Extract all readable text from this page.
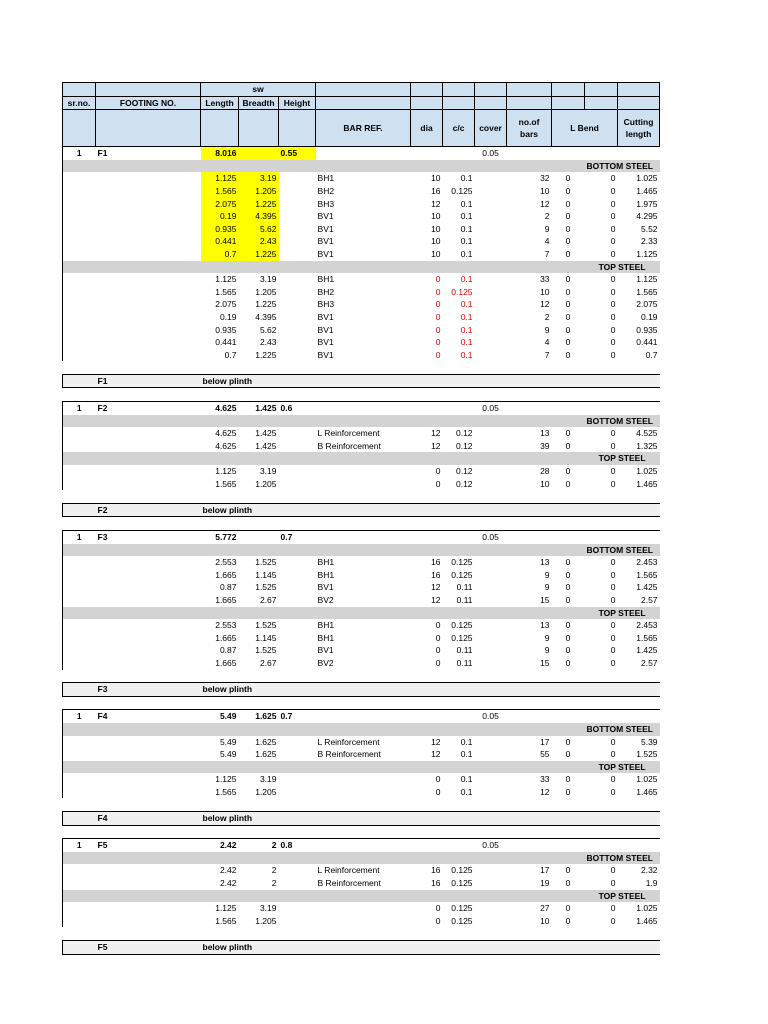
		sw										
sr.no.	FOOTING NO.	Length	Breadth	Height								
					BAR REF.	dia	c/c	cover	no.of bars	L Bend		Cutting length
1	F1	8.016		0.55				0.05				
											BOTTOM STEEL	
		1.125	3.19		BH1	10	0.1		32	0	0	1.025
		1.565	1.205		BH2	16	0.125		10	0	0	1.465
		2.075	1.225		BH3	12	0.1		12	0	0	1.975
		0.19	4.395		BV1	10	0.1		2	0	0	4.295
		0.935	5.62		BV1	10	0.1		9	0	0	5.52
		0.441	2.43		BV1	10	0.1		4	0	0	2.33
		0.7	1.225		BV1	10	0.1		7	0	0	1.125
											TOP STEEL	
		1.125	3.19		BH1	0	0.1		33	0	0	1.125
		1.565	1.205		BH2	0	0.125		10	0	0	1.565
		2.075	1.225		BH3	0	0.1		12	0	0	2.075
		0.19	4.395		BV1	0	0.1		2	0	0	0.19
		0.935	5.62		BV1	0	0.1		9	0	0	0.935
		0.441	2.43		BV1	0	0.1		4	0	0	0.441
		0.7	1.225		BV1	0	0.1		7	0	0	0.7

	F1	below plinth										

1	F2	4.625	1.425	0.6				0.05				
											BOTTOM STEEL	
		4.625	1.425		L Reinforcement	12	0.12		13	0	0	4.525
		4.625	1.425		B Reinforcement	12	0.12		39	0	0	1.325
											TOP STEEL	
		1.125	3.19			0	0.12		28	0	0	1.025
		1.565	1.205			0	0.12		10	0	0	1.465

	F2	below plinth										

1	F3	5.772		0.7				0.05				
											BOTTOM STEEL	
		2.553	1.525		BH1	16	0.125		13	0	0	2.453
		1.665	1.145		BH1	16	0.125		9	0	0	1.565
		0.87	1.525		BV1	12	0.11		9	0	0	1.425
		1.665	2.67		BV2	12	0.11		15	0	0	2.57
											TOP STEEL	
		2.553	1.525		BH1	0	0.125		13	0	0	2.453
		1.665	1.145		BH1	0	0.125		9	0	0	1.565
		0.87	1.525		BV1	0	0.11		9	0	0	1.425
		1.665	2.67		BV2	0	0.11		15	0	0	2.57

	F3	below plinth										

1	F4	5.49	1.625	0.7				0.05				
											BOTTOM STEEL	
		5.49	1.625		L Reinforcement	12	0.1		17	0	0	5.39
		5.49	1.625		B Reinforcement	12	0.1		55	0	0	1.525
											TOP STEEL	
		1.125	3.19			0	0.1		33	0	0	1.025
		1.565	1.205			0	0.1		12	0	0	1.465

	F4	below plinth										

1	F5	2.42	2	0.8				0.05				
											BOTTOM STEEL	
		2.42	2		L Reinforcement	16	0.125		17	0	0	2.32
		2.42	2		B Reinforcement	16	0.125		19	0	0	1.9
											TOP STEEL	
		1.125	3.19			0	0.125		27	0	0	1.025
		1.565	1.205			0	0.125		10	0	0	1.465

	F5	below plinth										
